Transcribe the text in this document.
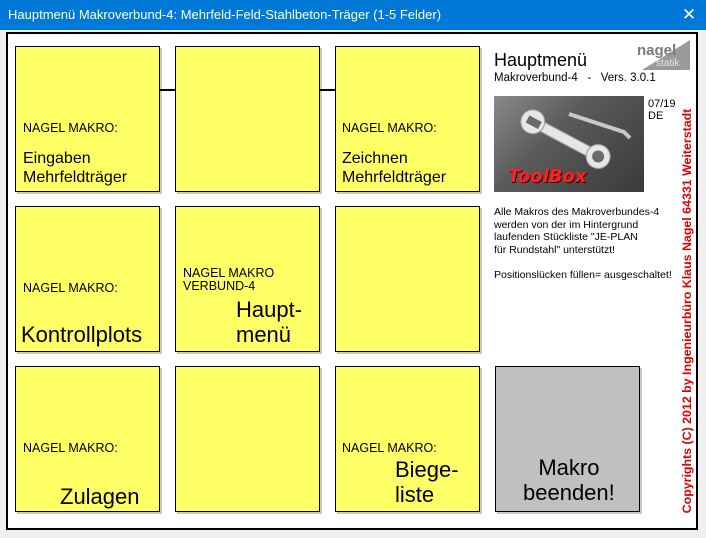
Hauptmenü Makroverbund-4: Mehrfeld-Feld-Stahlbeton-Träger (1-5 Felder)	✕
NAGEL MAKRO:
Eingaben
Mehrfeldträger
NAGEL MAKRO:
Zeichnen
Mehrfeldträger
NAGEL MAKRO:
Kontrollplots
NAGEL MAKRO
VERBUND-4
Haupt-
menü
NAGEL MAKRO:
Zulagen
NAGEL MAKRO:
Biege-
liste
Makro
beenden!
Hauptmenü
Makroverbund-4   -   Vers. 3.0.1
nagel
statik
ToolBox
07/19
DE
Alle Makros des Makroverbundes-4
werden von der im Hintergrund
laufenden Stückliste "JE-PLAN
für Rundstahl" unterstützt!

Positionslücken füllen= ausgeschaltet! Copyrights (C) 2012 by Ingenieurbüro Klaus Nagel 64331 Weiterstadt
